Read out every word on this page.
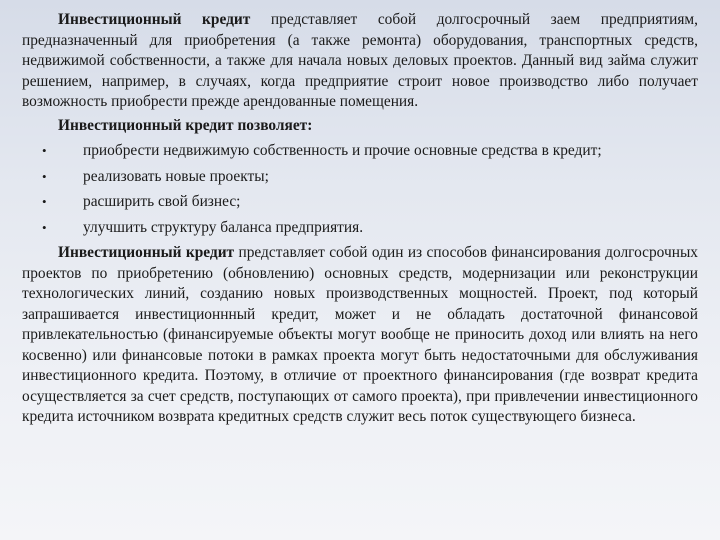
Инвестиционный кредит представляет собой долгосрочный заем предприятиям, предназначенный для приобретения (а также ремонта) оборудования, транспортных средств, недвижимой собственности, а также для начала новых деловых проектов. Данный вид займа служит решением, например, в случаях, когда предприятие строит новое производство либо получает возможность приобрести прежде арендованные помещения.

Инвестиционный кредит позволяет:

• приобрести недвижимую собственность и прочие основные средства в кредит;
• реализовать новые проекты;
• расширить свой бизнес;
• улучшить структуру баланса предприятия.

Инвестиционный кредит представляет собой один из способов финансирования долгосрочных проектов по приобретению (обновлению) основных средств, модернизации или реконструкции технологических линий, созданию новых производственных мощностей. Проект, под который запрашивается инвестиционнный кредит, может и не обладать достаточной финансовой привлекательностью (финансируемые объекты могут вообще не приносить доход или влиять на него косвенно) или финансовые потоки в рамках проекта могут быть недостаточными для обслуживания инвестиционного кредита. Поэтому, в отличие от проектного финансирования (где возврат кредита осуществляется за счет средств, поступающих от самого проекта), при привлечении инвестиционного кредита источником возврата кредитных средств служит весь поток существующего бизнеса.
